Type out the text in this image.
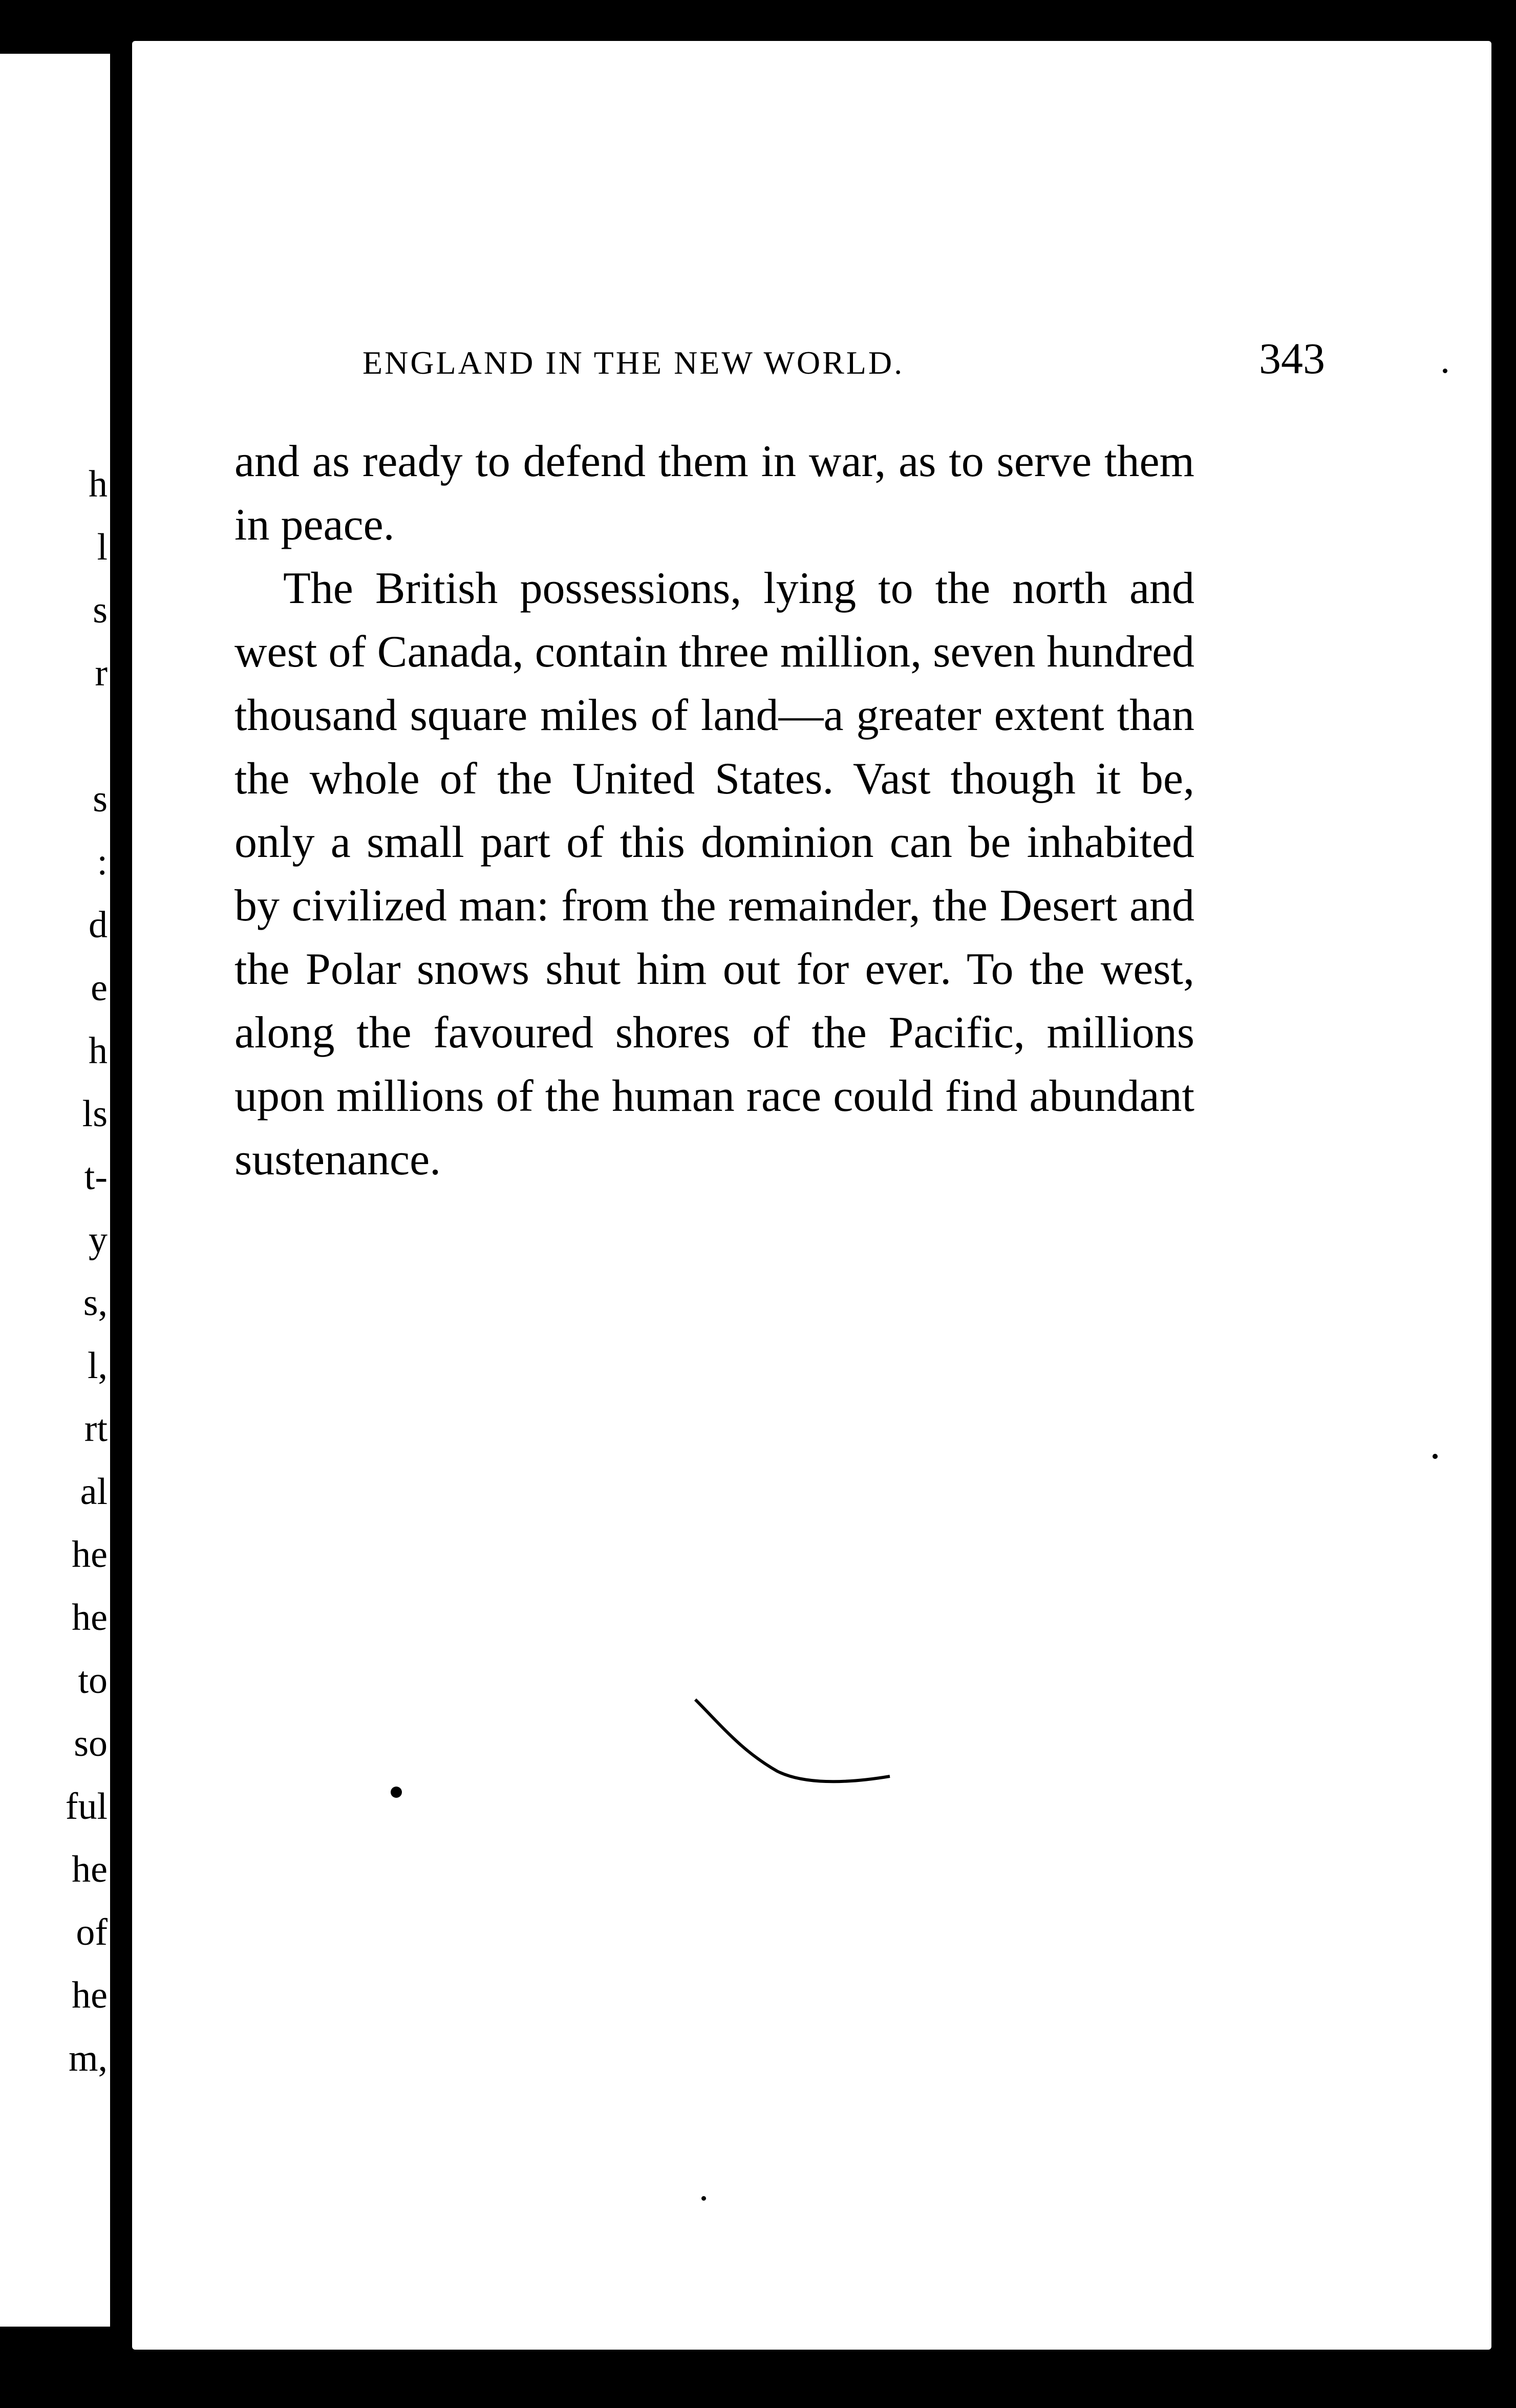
h
l
s
r
s
:
d
e
h
ls
t-
y
s,
l,
rt
al
he
he
to
so
ful
he
of
he
m,
ENGLAND IN THE NEW WORLD.	343

and as ready to defend them in war, as to serve them in peace.

The British possessions, lying to the north and west of Canada, contain three million, seven hundred thousand square miles of land—a greater extent than the whole of the United States. Vast though it be, only a small part of this dominion can be inhabited by civilized man: from the remainder, the Desert and the Polar snows shut him out for ever. To the west, along the favoured shores of the Pacific, millions upon millions of the human race could find abundant sustenance.
